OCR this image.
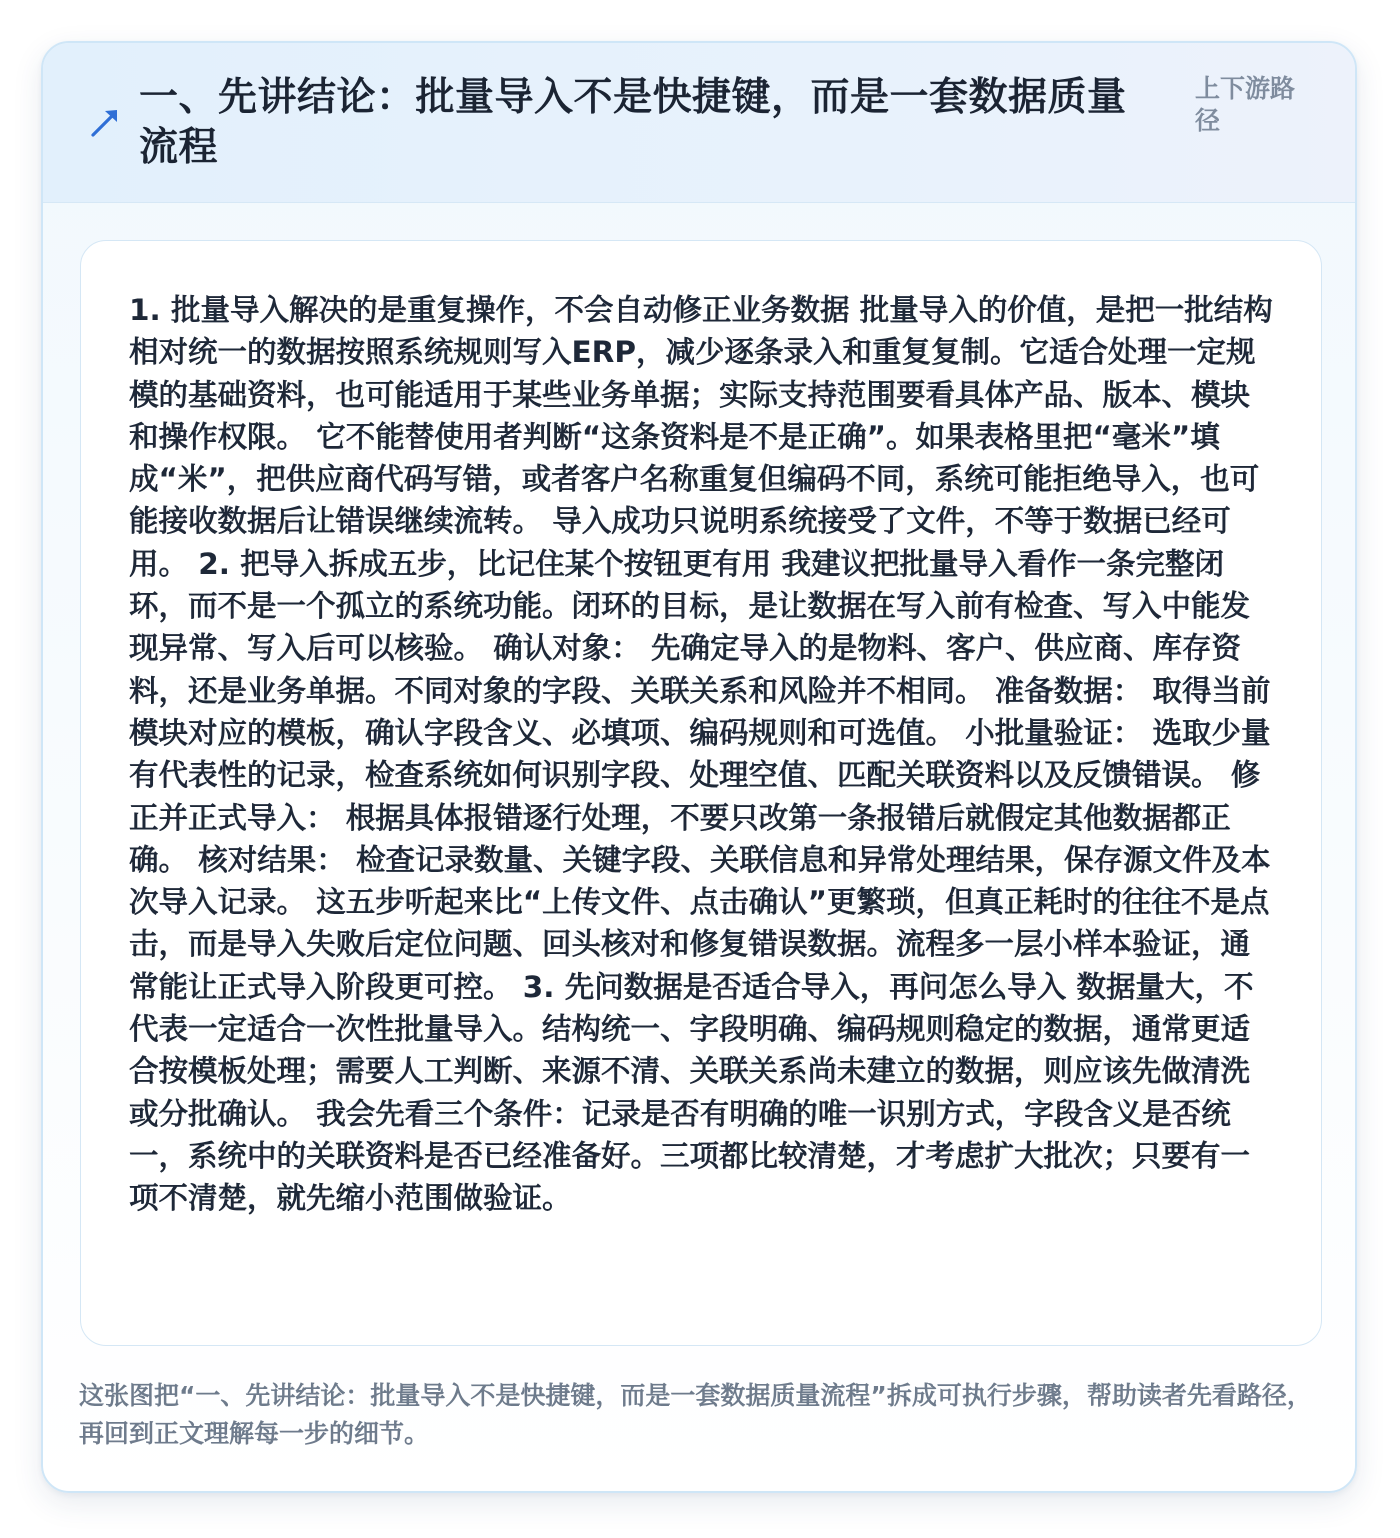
一、先讲结论：批量导入不是快捷键，而是一套数据质量流程
上下游路径

1. 批量导入解决的是重复操作，不会自动修正业务数据 批量导入的价值，是把一批结构相对统一的数据按照系统规则写入ERP，减少逐条录入和重复复制。它适合处理一定规模的基础资料，也可能适用于某些业务单据；实际支持范围要看具体产品、版本、模块和操作权限。 它不能替使用者判断“这条资料是不是正确”。如果表格里把“毫米”填成“米”，把供应商代码写错，或者客户名称重复但编码不同，系统可能拒绝导入，也可能接收数据后让错误继续流转。 导入成功只说明系统接受了文件，不等于数据已经可用。 2. 把导入拆成五步，比记住某个按钮更有用 我建议把批量导入看作一条完整闭环，而不是一个孤立的系统功能。闭环的目标，是让数据在写入前有检查、写入中能发现异常、写入后可以核验。 确认对象： 先确定导入的是物料、客户、供应商、库存资料，还是业务单据。不同对象的字段、关联关系和风险并不相同。 准备数据： 取得当前模块对应的模板，确认字段含义、必填项、编码规则和可选值。 小批量验证： 选取少量有代表性的记录，检查系统如何识别字段、处理空值、匹配关联资料以及反馈错误。 修正并正式导入： 根据具体报错逐行处理，不要只改第一条报错后就假定其他数据都正确。 核对结果： 检查记录数量、关键字段、关联信息和异常处理结果，保存源文件及本次导入记录。 这五步听起来比“上传文件、点击确认”更繁琐，但真正耗时的往往不是点击，而是导入失败后定位问题、回头核对和修复错误数据。流程多一层小样本验证，通常能让正式导入阶段更可控。 3. 先问数据是否适合导入，再问怎么导入 数据量大，不代表一定适合一次性批量导入。结构统一、字段明确、编码规则稳定的数据，通常更适合按模板处理；需要人工判断、来源不清、关联关系尚未建立的数据，则应该先做清洗或分批确认。 我会先看三个条件：记录是否有明确的唯一识别方式，字段含义是否统一，系统中的关联资料是否已经准备好。三项都比较清楚，才考虑扩大批次；只要有一项不清楚，就先缩小范围做验证。

这张图把“一、先讲结论：批量导入不是快捷键，而是一套数据质量流程”拆成可执行步骤，帮助读者先看路径，再回到正文理解每一步的细节。
